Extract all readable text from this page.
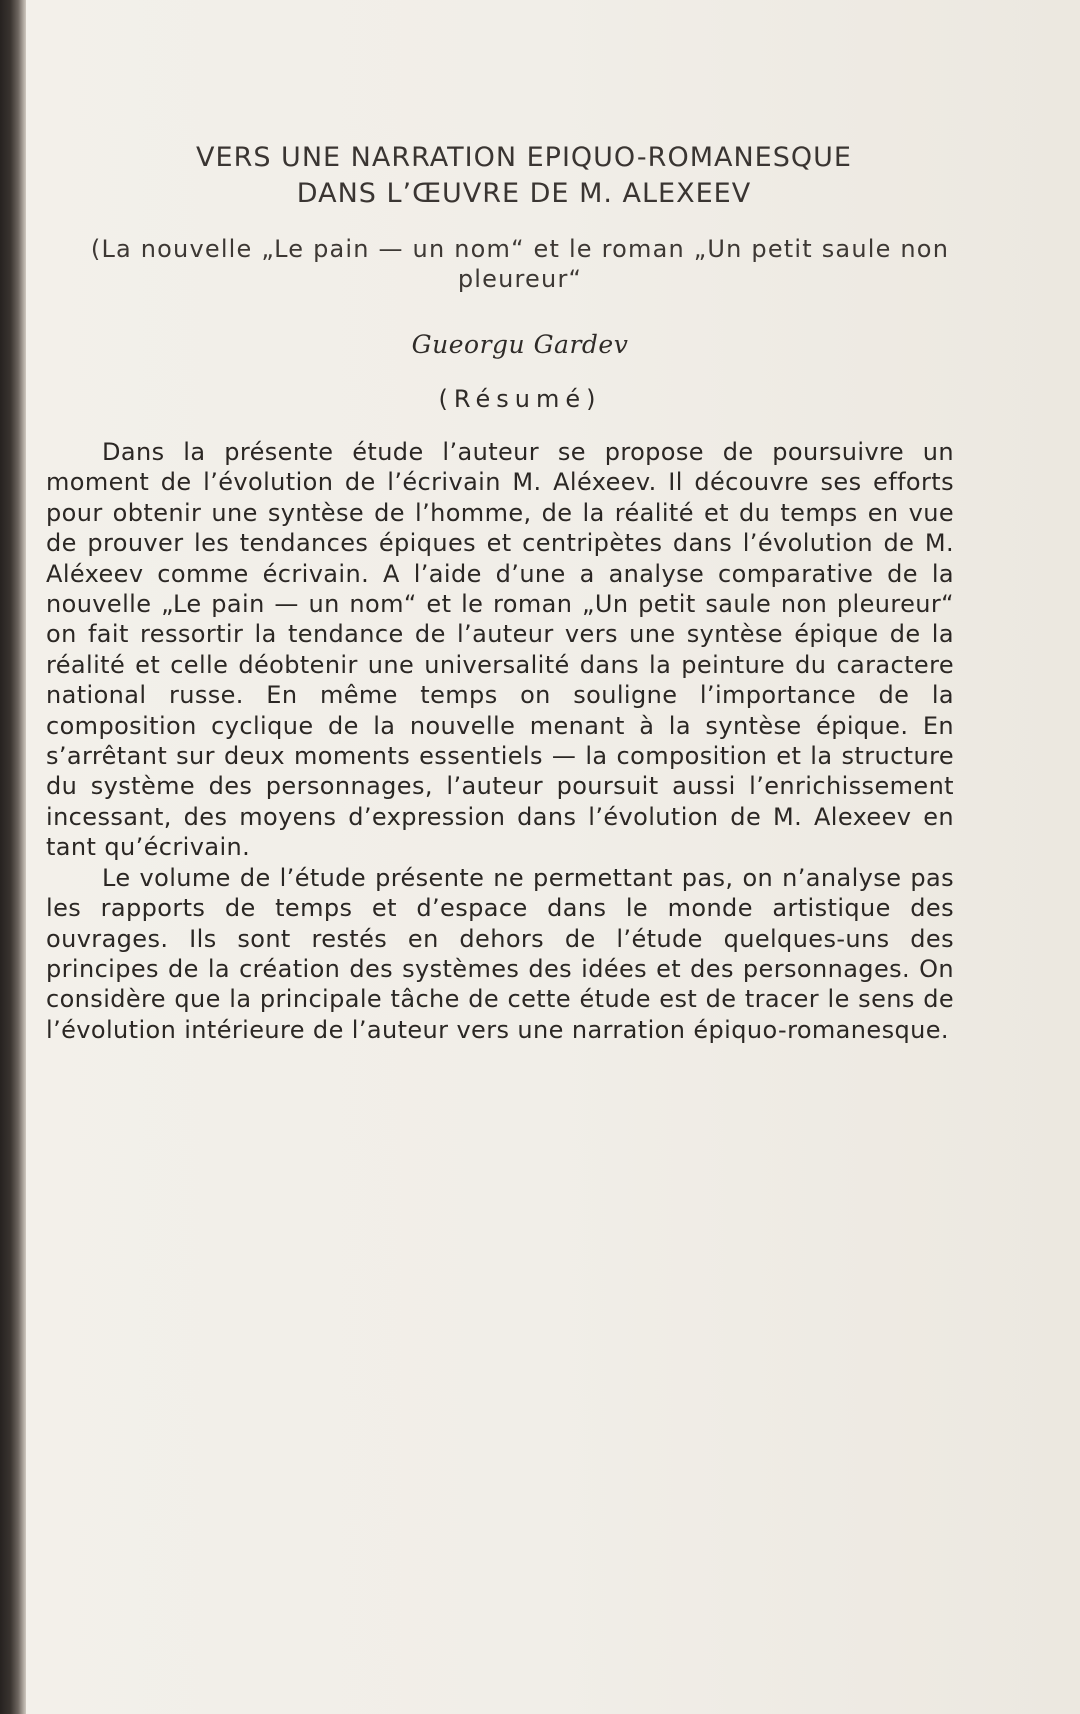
VERS UNE NARRATION EPIQUO-ROMANESQUE
DANS L’ŒUVRE DE M. ALEXEEV
(La nouvelle „Le pain — un nom“ et le roman „Un petit saule non pleureur“
Gueorgu Gardev
(Résumé)

Dans la présente étude l’auteur se propose de poursuivre un moment de l’évolution de l’écrivain M. Aléxeev. Il découvre ses efforts pour obtenir une syntèse de l’homme, de la réalité et du temps en vue de prouver les tendances épiques et centripètes dans l’évolution de M. Aléxeev comme écrivain. A l’aide d’une a analyse comparative de la nouvelle „Le pain — un nom“ et le roman „Un petit saule non pleureur“ on fait ressortir la tendance de l’auteur vers une syntèse épique de la réalité et celle déobtenir une universalité dans la peinture du caractere national russe. En même temps on souligne l’importance de la composition cyclique de la nouvelle menant à la syntèse épique. En s’arrêtant sur deux moments essentiels — la composition et la structure du système des personnages, l’auteur poursuit aussi l’enrichissement incessant, des moyens d’expression dans l’évolution de M. Alexeev en tant qu’écrivain.

Le volume de l’étude présente ne permettant pas, on n’analyse pas les rapports de temps et d’espace dans le monde artistique des ouvrages. Ils sont restés en dehors de l’étude quelques-uns des principes de la création des systèmes des idées et des personnages. On considère que la principale tâche de cette étude est de tracer le sens de l’évolution intérieure de l’auteur vers une narration épiquo-romanesque.
